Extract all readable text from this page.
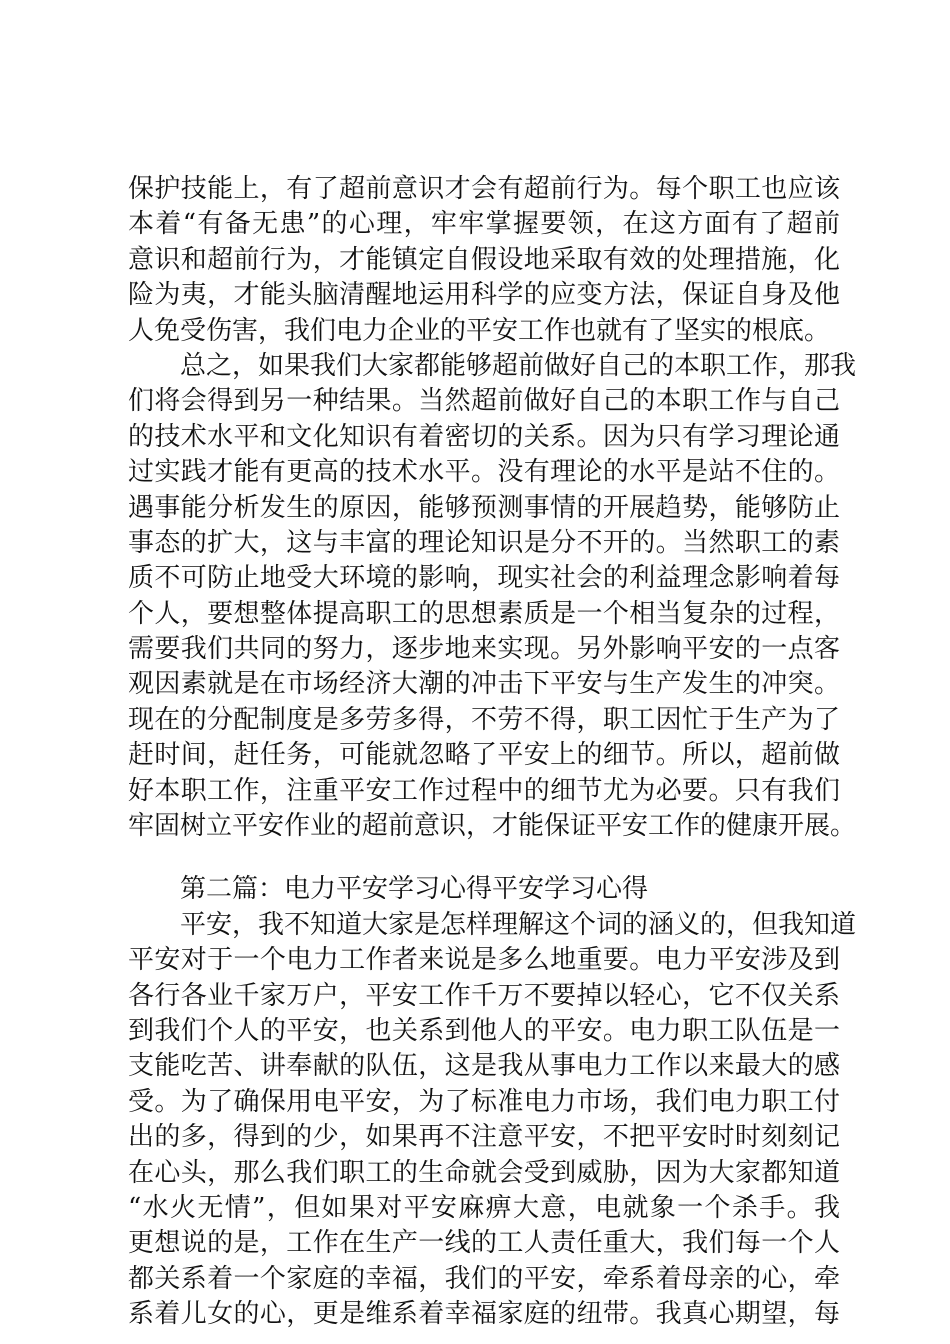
保护技能上，有了超前意识才会有超前行为。每个职工也应该
本着“有备无患”的心理，牢牢掌握要领，在这方面有了超前
意识和超前行为，才能镇定自假设地采取有效的处理措施，化
险为夷，才能头脑清醒地运用科学的应变方法，保证自身及他
人免受伤害，我们电力企业的平安工作也就有了坚实的根底。
总之，如果我们大家都能够超前做好自己的本职工作，那我
们将会得到另一种结果。当然超前做好自己的本职工作与自己
的技术水平和文化知识有着密切的关系。因为只有学习理论通
过实践才能有更高的技术水平。没有理论的水平是站不住的。
遇事能分析发生的原因，能够预测事情的开展趋势，能够防止
事态的扩大，这与丰富的理论知识是分不开的。当然职工的素
质不可防止地受大环境的影响，现实社会的利益理念影响着每
个人，要想整体提高职工的思想素质是一个相当复杂的过程，
需要我们共同的努力，逐步地来实现。另外影响平安的一点客
观因素就是在市场经济大潮的冲击下平安与生产发生的冲突。
现在的分配制度是多劳多得，不劳不得，职工因忙于生产为了
赶时间，赶任务，可能就忽略了平安上的细节。所以，超前做
好本职工作，注重平安工作过程中的细节尤为必要。只有我们
牢固树立平安作业的超前意识，才能保证平安工作的健康开展。
第二篇：电力平安学习心得平安学习心得
平安，我不知道大家是怎样理解这个词的涵义的，但我知道
平安对于一个电力工作者来说是多么地重要。电力平安涉及到
各行各业千家万户，平安工作千万不要掉以轻心，它不仅关系
到我们个人的平安，也关系到他人的平安。电力职工队伍是一
支能吃苦、讲奉献的队伍，这是我从事电力工作以来最大的感
受。为了确保用电平安，为了标准电力市场，我们电力职工付
出的多，得到的少，如果再不注意平安，不把平安时时刻刻记
在心头，那么我们职工的生命就会受到威胁，因为大家都知道
“水火无情”，但如果对平安麻痹大意，电就象一个杀手。我
更想说的是，工作在生产一线的工人责任重大，我们每一个人
都关系着一个家庭的幸福，我们的平安，牵系着母亲的心，牵
系着儿女的心，更是维系着幸福家庭的纽带。我真心期望，每
